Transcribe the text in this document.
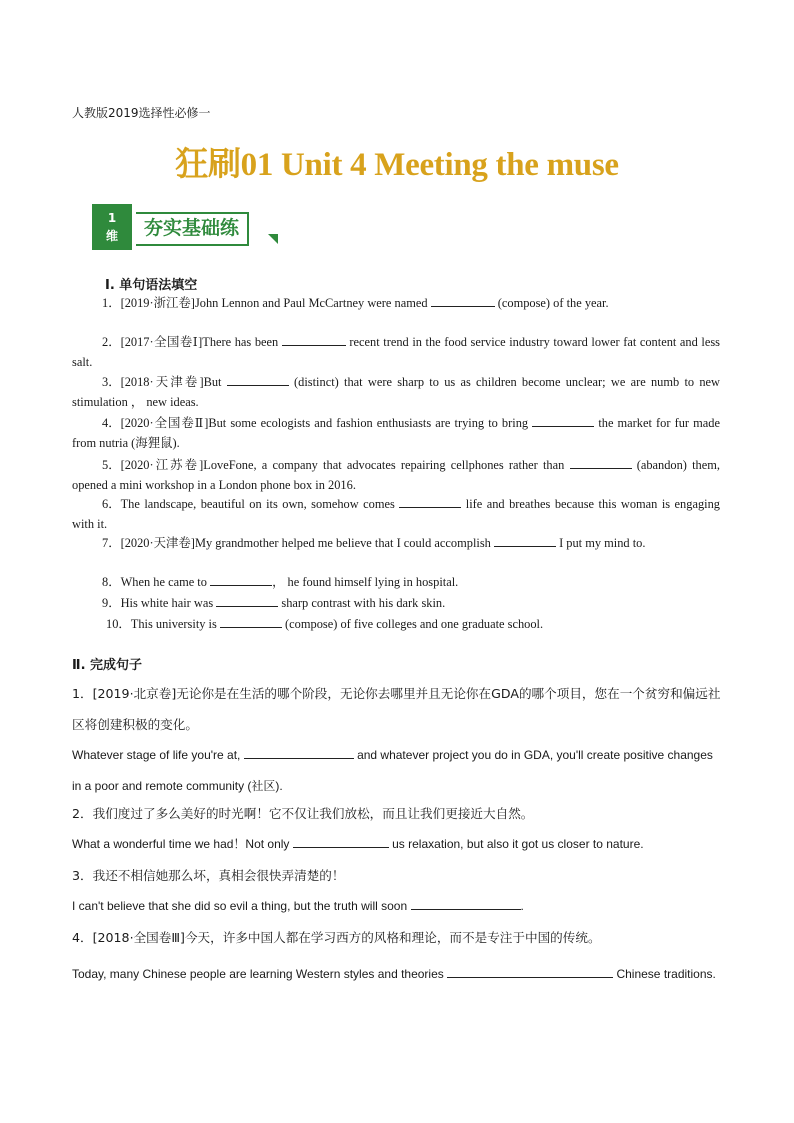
人教版2019选择性必修一
狂刷01 Unit 4 Meeting the muse
1
维	夯实基础练
Ⅰ. 单句语法填空
1．[2019·浙江卷]John Lennon and Paul McCartney were named	(compose) of the year.
2．[2017·全国卷Ⅰ]There has been	recent trend in the food service industry toward lower fat content and less salt.
3．[2018·天津卷]But	(distinct) that were sharp to us as children become unclear; we are numb to new stimulation ， new ideas.
4．[2020·全国卷Ⅱ]But some ecologists and fashion enthusiasts are trying to bring	the market for fur made from nutria (海狸鼠).
5．[2020·江苏卷]LoveFone, a company that advocates repairing cellphones rather than	(abandon) them, opened a mini workshop in a London phone box in 2016.
6．The landscape, beautiful on its own, somehow comes	life and breathes because this woman is engaging with it.
7．[2020·天津卷]My grandmother helped me believe that I could accomplish	I put my mind to.
8．When he came to	， he found himself lying in hospital.
9．His white hair was	sharp contrast with his dark skin.
10．This university is	(compose) of five colleges and one graduate school.
Ⅱ. 完成句子
1．[2019·北京卷]无论你是在生活的哪个阶段，无论你去哪里并且无论你在GDA的哪个项目，您在一个贫穷和偏远社区将创建积极的变化。
Whatever stage of life you're at,	and whatever project you do in GDA, you'll create positive changes in a poor and remote community (社区).
2．我们度过了多么美好的时光啊！它不仅让我们放松，而且让我们更接近大自然。
What a wonderful time we had！Not only	us relaxation, but also it got us closer to nature.
3．我还不相信她那么坏，真相会很快弄清楚的！
I can't believe that she did so evil a thing, but the truth will soon	.
4．[2018·全国卷Ⅲ]今天，许多中国人都在学习西方的风格和理论，而不是专注于中国的传统。
Today, many Chinese people are learning Western styles and theories	Chinese traditions.
